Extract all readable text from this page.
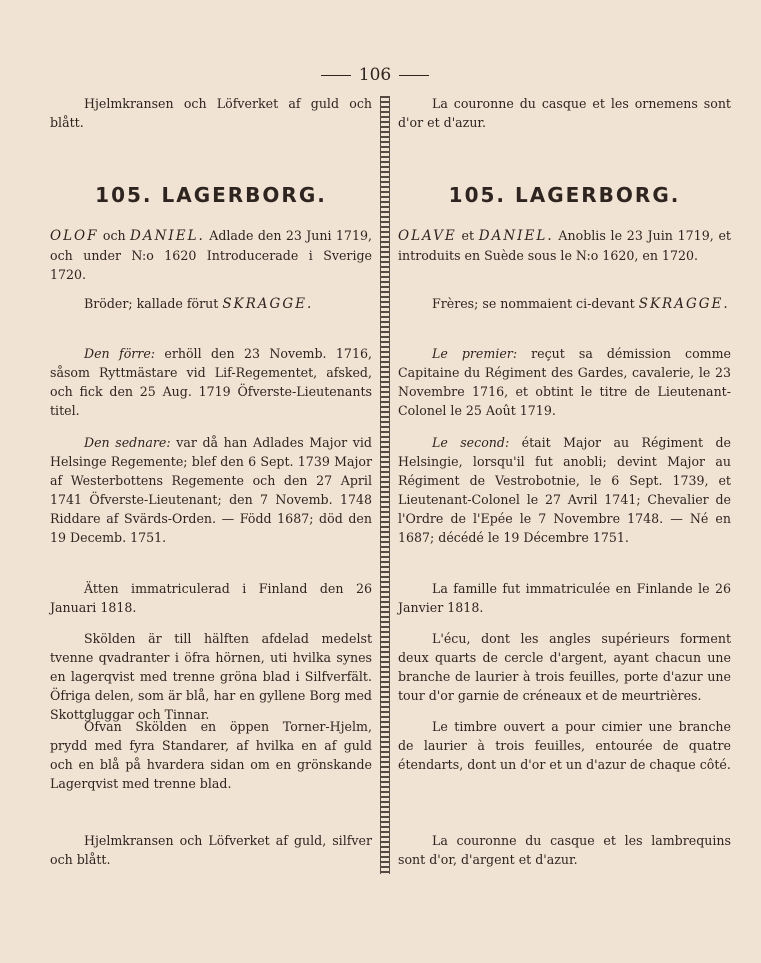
106

Hjelmkransen och Löfverket af guld och blått.

105. LAGERBORG.

OLOF och DANIEL. Adlade den 23 Juni 1719, och under N:o 1620 Introducerade i Sverige 1720.

Bröder; kallade förut SKRAGGE.

Den förre: erhöll den 23 Novemb. 1716, såsom Ryttmästare vid Lif-Regementet, afsked, och fick den 25 Aug. 1719 Öfverste-Lieutenants titel.

Den sednare: var då han Adlades Major vid Helsinge Regemente; blef den 6 Sept. 1739 Major af Westerbottens Regemente och den 27 April 1741 Öfverste-Lieutenant; den 7 Novemb. 1748 Riddare af Svärds-Orden. — Född 1687; död den 19 Decemb. 1751.

Ätten immatriculerad i Finland den 26 Januari 1818.

Skölden är till hälften afdelad medelst tvenne qvadranter i öfra hörnen, uti hvilka synes en lagerqvist med trenne gröna blad i Silfverfält. Öfriga delen, som är blå, har en gyllene Borg med Skottgluggar och Tinnar.

Ofvan Skölden en öppen Torner-Hjelm, prydd med fyra Standarer, af hvilka en af guld och en blå på hvardera sidan om en grönskande Lagerqvist med trenne blad.

Hjelmkransen och Löfverket af guld, silfver och blått.

La couronne du casque et les ornemens sont d'or et d'azur.

105. LAGERBORG.

OLAVE et DANIEL. Anoblis le 23 Juin 1719, et introduits en Suède sous le N:o 1620, en 1720.

Frères; se nommaient ci-devant SKRAGGE.

Le premier: reçut sa démission comme Capitaine du Régiment des Gardes, cavalerie, le 23 Novembre 1716, et obtint le titre de Lieutenant-Colonel le 25 Août 1719.

Le second: était Major au Régiment de Helsingie, lorsqu'il fut anobli; devint Major au Régiment de Vestrobotnie, le 6 Sept. 1739, et Lieutenant-Colonel le 27 Avril 1741; Chevalier de l'Ordre de l'Epée le 7 Novembre 1748. — Né en 1687; décédé le 19 Décembre 1751.

La famille fut immatriculée en Finlande le 26 Janvier 1818.

L'écu, dont les angles supérieurs forment deux quarts de cercle d'argent, ayant chacun une branche de laurier à trois feuilles, porte d'azur une tour d'or garnie de créneaux et de meurtrières.

Le timbre ouvert a pour cimier une branche de laurier à trois feuilles, entourée de quatre étendarts, dont un d'or et un d'azur de chaque côté.

La couronne du casque et les lambrequins sont d'or, d'argent et d'azur.
